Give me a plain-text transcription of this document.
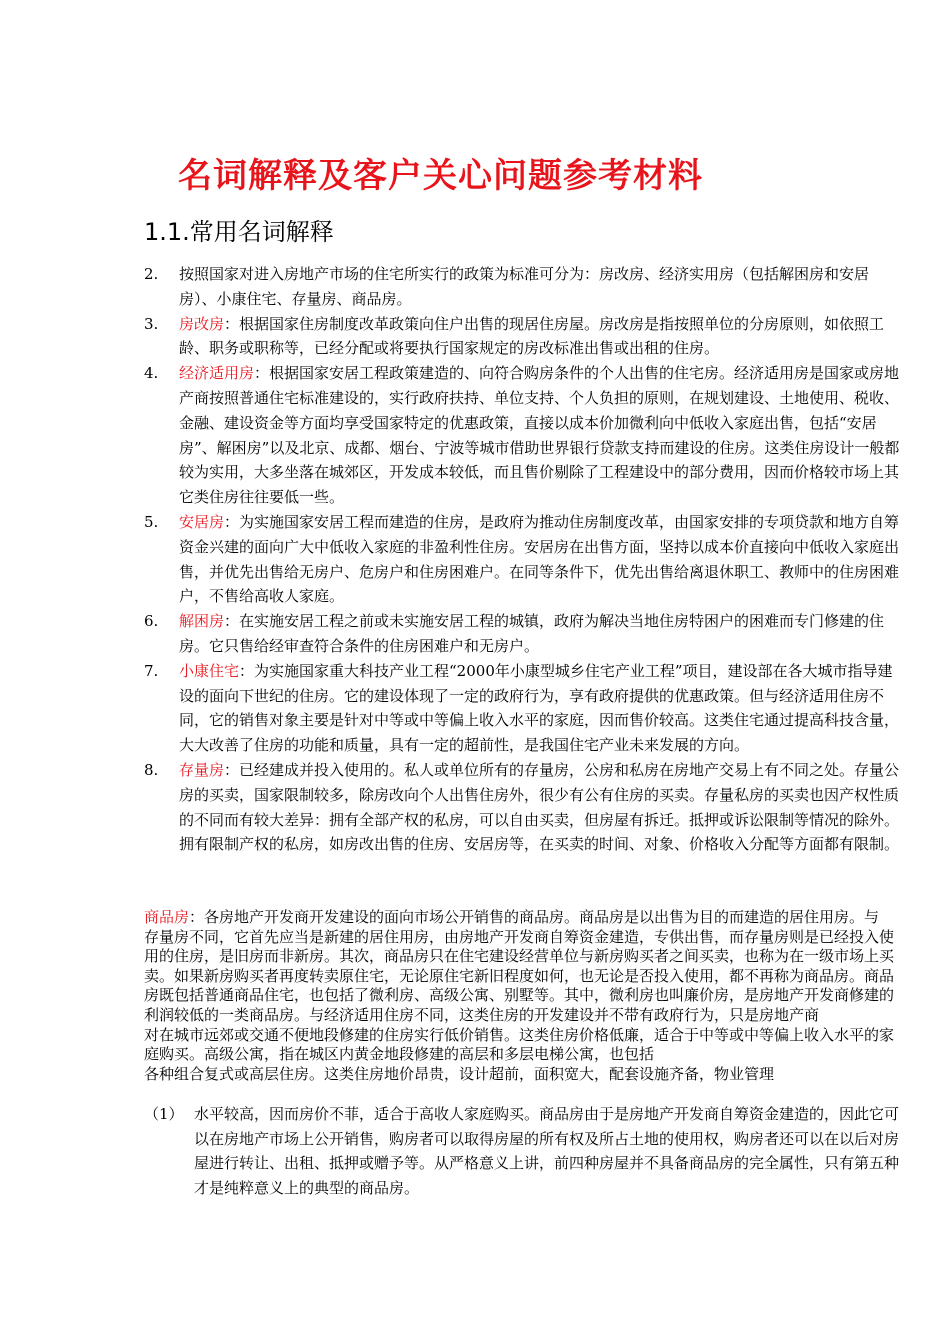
名词解释及客户关心问题参考材料
1.1.常用名词解释
2. 按照国家对进入房地产市场的住宅所实行的政策为标准可分为：房改房、经济实用房（包括解困房和安居房）、小康住宅、存量房、商品房。
3. 房改房：根据国家住房制度改革政策向住户出售的现居住房屋。房改房是指按照单位的分房原则，如依照工龄、职务或职称等，已经分配或将要执行国家规定的房改标准出售或出租的住房。
4. 经济适用房：根据国家安居工程政策建造的、向符合购房条件的个人出售的住宅房。经济适用房是国家或房地产商按照普通住宅标准建设的，实行政府扶持、单位支持、个人负担的原则，在规划建设、土地使用、税收、金融、建设资金等方面均享受国家特定的优惠政策，直接以成本价加微利向中低收入家庭出售，包括“安居房”、解困房”以及北京、成都、烟台、宁波等城市借助世界银行贷款支持而建设的住房。这类住房设计一般都较为实用，大多坐落在城郊区，开发成本较低，而且售价剔除了工程建设中的部分费用，因而价格较市场上其它类住房往往要低一些。
5. 安居房：为实施国家安居工程而建造的住房，是政府为推动住房制度改革，由国家安排的专项贷款和地方自筹资金兴建的面向广大中低收入家庭的非盈利性住房。安居房在出售方面，坚持以成本价直接向中低收入家庭出售，并优先出售给无房户、危房户和住房困难户。在同等条件下，优先出售给离退休职工、教师中的住房困难户，不售给高收人家庭。
6. 解困房：在实施安居工程之前或未实施安居工程的城镇，政府为解决当地住房特困户的困难而专门修建的住房。它只售给经审查符合条件的住房困难户和无房户。
7. 小康住宅：为实施国家重大科技产业工程“2000年小康型城乡住宅产业工程”项目，建设部在各大城市指导建设的面向下世纪的住房。它的建设体现了一定的政府行为，享有政府提供的优惠政策。但与经济适用住房不同，它的销售对象主要是针对中等或中等偏上收入水平的家庭，因而售价较高。这类住宅通过提高科技含量，大大改善了住房的功能和质量，具有一定的超前性，是我国住宅产业未来发展的方向。
8. 存量房：已经建成并投入使用的。私人或单位所有的存量房，公房和私房在房地产交易上有不同之处。存量公房的买卖，国家限制较多，除房改向个人出售住房外，很少有公有住房的买卖。存量私房的买卖也因产权性质的不同而有较大差异：拥有全部产权的私房，可以自由买卖，但房屋有拆迁。抵押或诉讼限制等情况的除外。拥有限制产权的私房，如房改出售的住房、安居房等，在买卖的时间、对象、价格收入分配等方面都有限制。

商品房：各房地产开发商开发建设的面向市场公开销售的商品房。商品房是以出售为目的而建造的居住用房。与存量房不同，它首先应当是新建的居住用房，由房地产开发商自筹资金建造，专供出售，而存量房则是已经投入使用的住房，是旧房而非新房。其次，商品房只在住宅建设经营单位与新房购买者之间买卖，也称为在一级市场上买卖。如果新房购买者再度转卖原住宅，无论原住宅新旧程度如何，也无论是否投入使用，都不再称为商品房。商品房既包括普通商品住宅，也包括了微利房、高级公寓、别墅等。其中，微利房也叫廉价房，是房地产开发商修建的利润较低的一类商品房。与经济适用住房不同，这类住房的开发建设并不带有政府行为，只是房地产商

对在城市远郊或交通不便地段修建的住房实行低价销售。这类住房价格低廉，适合于中等或中等偏上收入水平的家庭购买。高级公寓，指在城区内黄金地段修建的高层和多层电梯公寓，也包括

各种组合复式或高层住房。这类住房地价昂贵，设计超前，面积宽大，配套设施齐备，物业管理

（1） 水平较高，因而房价不菲，适合于高收人家庭购买。商品房由于是房地产开发商自筹资金建造的，因此它可以在房地产市场上公开销售，购房者可以取得房屋的所有权及所占土地的使用权，购房者还可以在以后对房屋进行转让、出租、抵押或赠予等。从严格意义上讲，前四种房屋并不具备商品房的完全属性，只有第五种才是纯粹意义上的典型的商品房。
